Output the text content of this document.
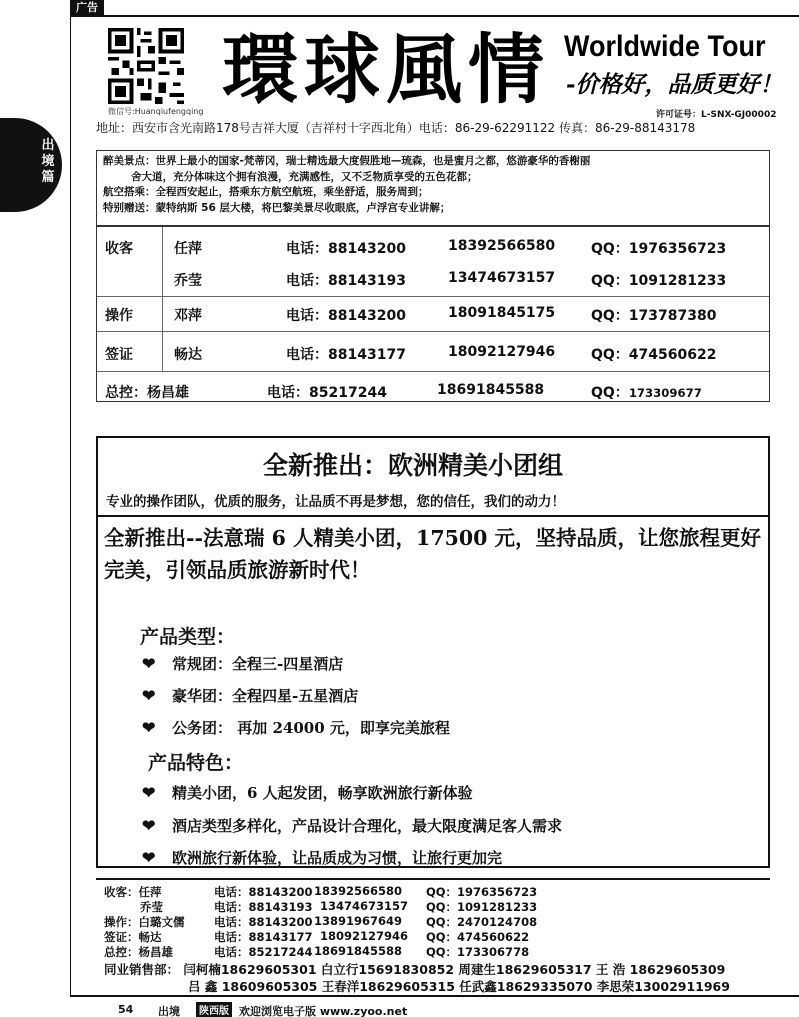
广告
出
境
篇
微信号:Huanqiufengqing 環球風情 Worldwide Tour
-价格好，品质更好！
许可证号：L-SNX-GJ00002
地址：西安市含光南路178号吉祥大厦（吉祥村十字西北角）电话：86-29-62291122 传真：86-29-88143178

醉美景点：世界上最小的国家-梵蒂冈，瑞士精选最大度假胜地—琉森，也是蜜月之都，悠游豪华的香榭丽

舍大道，充分体味这个拥有浪漫，充满感性，又不乏物质享受的五色花都；

航空搭乘：全程西安起止，搭乘东方航空航班，乘坐舒适，服务周到；

特别赠送：蒙特纳斯 56 层大楼，将巴黎美景尽收眼底，卢浮宫专业讲解；

收客	任萍	电话：88143200	18392566580	QQ：1976356723
乔莹	电话：88143193	13474673157	QQ：1091281233
操作	邓萍	电话：88143200	18091845175	QQ：173787380
签证	畅达	电话：88143177	18092127946	QQ：474560622
总控：杨昌雄	电话：85217244	18691845588	QQ：173309677
全新推出：欧洲精美小团组
专业的操作团队，优质的服务，让品质不再是梦想，您的信任，我们的动力！
全新推出--法意瑞 6 人精美小团，17500 元，坚持品质，让您旅程更好完美，引领品质旅游新时代！
产品类型：
❤ 常规团：全程三-四星酒店
❤ 豪华团：全程四星-五星酒店
❤ 公务团： 再加 24000 元，即享完美旅程
产品特色：
❤ 精美小团，6 人起发团，畅享欧洲旅行新体验
❤ 酒店类型多样化，产品设计合理化，最大限度满足客人需求
❤ 欧洲旅行新体验，让品质成为习惯，让旅行更加完
收客：任萍	电话：88143200 18392566580 QQ：1976356723
乔莹	电话：88143193 13474673157 QQ：1091281233
操作：白璐文儒	电话：88143200 13891967649 QQ：2470124708
签证：畅达	电话：88143177 18092127946 QQ：474560622
总控：杨昌雄	电话：85217244 18691845588 QQ：173306778
同业销售部： 闫柯楠18629605301 白立行15691830852 周建生18629605317 王 浩 18629605309
吕 鑫 18609605305 王春洋18629605315 任武鑫18629335070 李思荣13002911969
54 出境	陕西版 欢迎浏览电子版 www.zyoo.net
